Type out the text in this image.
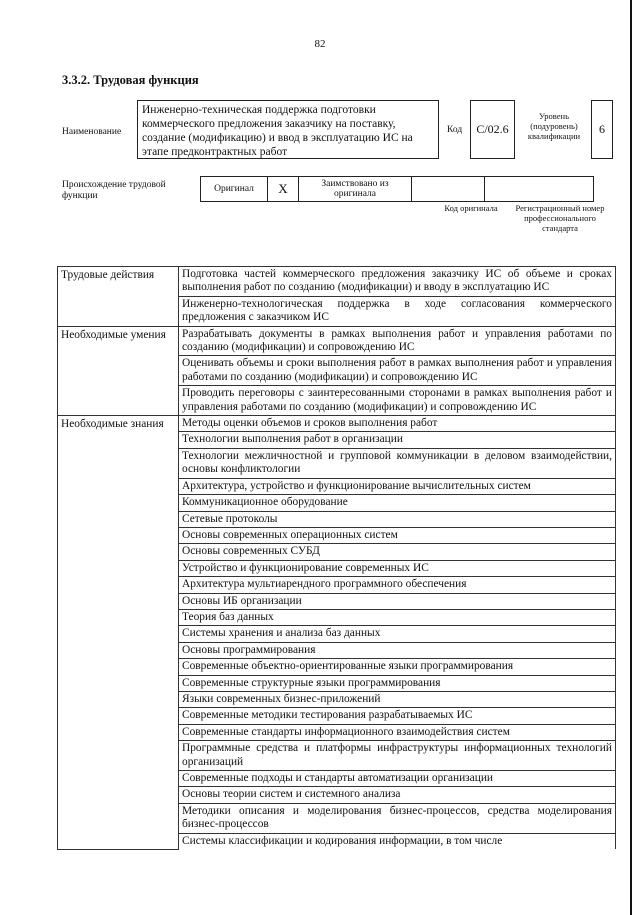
82
3.3.2. Трудовая функция
Наименование
Инженерно-техническая поддержка подготовки коммерческого предложения заказчику на поставку, создание (модификацию) и ввод в эксплуатацию ИС на этапе предконтрактных работ
Код	С/02.6
Уровень (подуровень) квалификации	6
Происхождение трудовой функции
Оригинал	X	Заимствовано из оригинала		
Код оригинала	Регистрационный номер профессионального стандарта
Трудовые действия	Подготовка частей коммерческого предложения заказчику ИС об объеме и сроках выполнения работ по созданию (модификации) и вводу в эксплуатацию ИС
	Инженерно-технологическая поддержка в ходе согласования коммерческого предложения с заказчиком ИС
Необходимые умения	Разрабатывать документы в рамках выполнения работ и управления работами по созданию (модификации) и сопровождению ИС
	Оценивать объемы и сроки выполнения работ в рамках выполнения работ и управления работами по созданию (модификации) и сопровождению ИС
	Проводить переговоры с заинтересованными сторонами в рамках выполнения работ и управления работами по созданию (модификации) и сопровождению ИС
Необходимые знания	Методы оценки объемов и сроков выполнения работ
	Технологии выполнения работ в организации
	Технологии межличностной и групповой коммуникации в деловом взаимодействии, основы конфликтологии
	Архитектура, устройство и функционирование вычислительных систем
	Коммуникационное оборудование
	Сетевые протоколы
	Основы современных операционных систем
	Основы современных СУБД
	Устройство и функционирование современных ИС
	Архитектура мультиарендного программного обеспечения
	Основы ИБ организации
	Теория баз данных
	Системы хранения и анализа баз данных
	Основы программирования
	Современные объектно-ориентированные языки программирования
	Современные структурные языки программирования
	Языки современных бизнес-приложений
	Современные методики тестирования разрабатываемых ИС
	Современные стандарты информационного взаимодействия систем
	Программные средства и платформы инфраструктуры информационных технологий организаций
	Современные подходы и стандарты автоматизации организации
	Основы теории систем и системного анализа
	Методики описания и моделирования бизнес-процессов, средства моделирования бизнес-процессов
	Системы классификации и кодирования информации, в том числе
